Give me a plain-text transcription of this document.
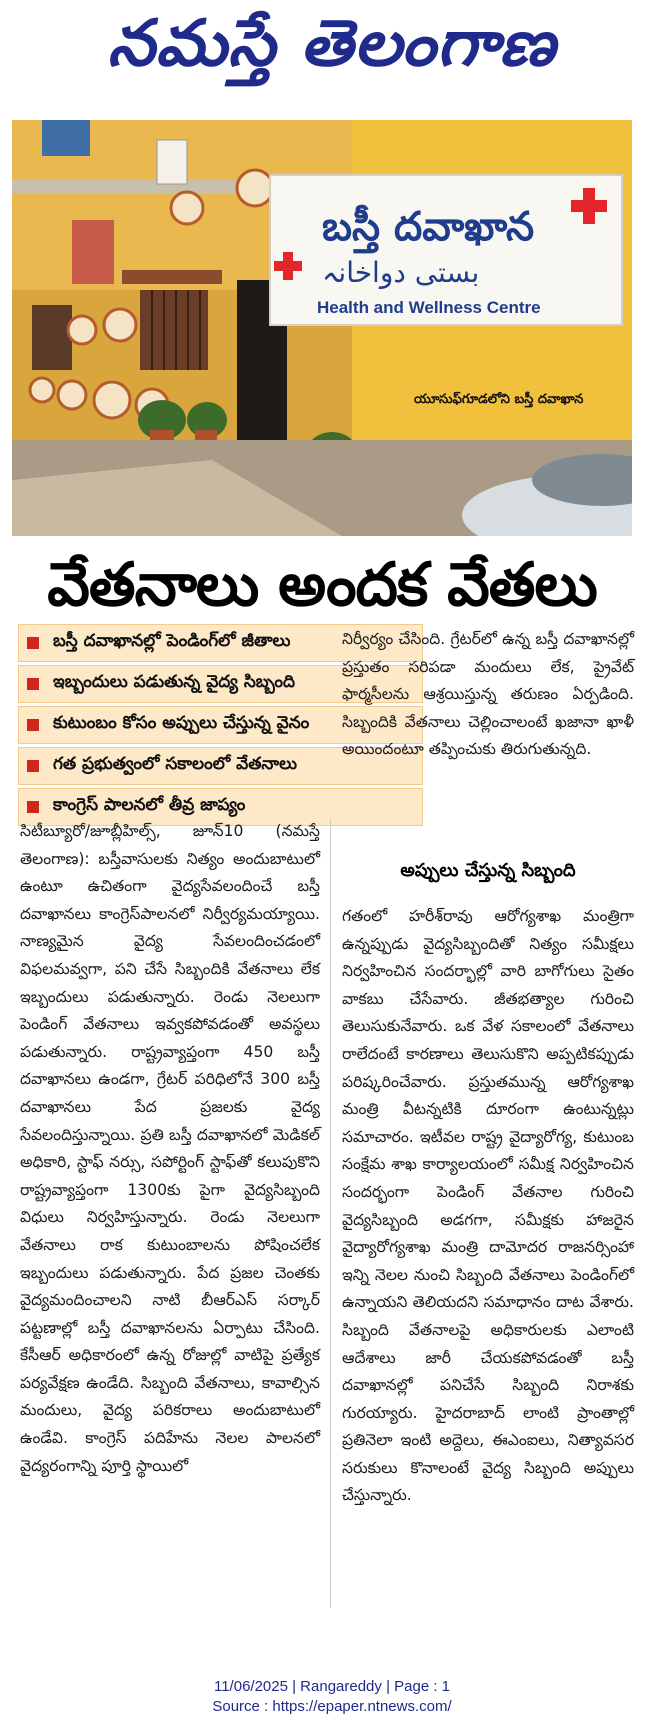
నమస్తే తెలంగాణ
బస్తీ దవాఖాన
بستی دواخانہ
Health and Wellness Centre
యూసుఫ్‌గూడలోని బస్తీ దవాఖాన
వేతనాలు అందక వేతలు
బస్తీ దవాఖానల్లో పెండింగ్‌లో జీతాలు
ఇబ్బందులు పడుతున్న వైద్య సిబ్బంది
కుటుంబం కోసం అప్పులు చేస్తున్న వైనం
గత ప్రభుత్వంలో సకాలంలో వేతనాలు
కాంగ్రెస్ పాలనలో తీవ్ర జాప్యం

నిర్వీర్యం చేసింది. గ్రేటర్‌లో ఉన్న బస్తీ దవాఖానల్లో ప్రస్తుతం సరిపడా మందులు లేక, ప్రైవేట్ ఫార్మసీలను ఆశ్రయిస్తున్న తరుణం ఏర్పడింది. సిబ్బందికి వేతనాలు చెల్లించాలంటే ఖజానా ఖాళీ అయిందంటూ తప్పించుకు తిరుగుతున్నది.

అప్పులు చేస్తున్న సిబ్బంది

సిటీబ్యూరో/జూబ్లీహిల్స్, జూన్10 (నమస్తే తెలంగాణ): బస్తీవాసులకు నిత్యం అందుబాటులో ఉంటూ ఉచితంగా వైద్యసేవలందించే బస్తీ దవాఖానలు కాంగ్రెస్‌పాలనలో నిర్వీర్యమయ్యాయి. నాణ్యమైన వైద్య సేవలందించడంలో విఫలమవ్వగా, పని చేసే సిబ్బందికి వేతనాలు లేక ఇబ్బందులు పడుతున్నారు. రెండు నెలలుగా పెండింగ్ వేతనాలు ఇవ్వకపోవడంతో అవస్థలు పడుతున్నారు. రాష్ట్రవ్యాప్తంగా 450 బస్తీ దవాఖానలు ఉండగా, గ్రేటర్ పరిధిలోనే 300 బస్తీ దవాఖానలు పేద ప్రజలకు వైద్య సేవలందిస్తున్నాయి. ప్రతి బస్తీ దవాఖానలో మెడికల్ అధికారి, స్టాఫ్ నర్సు, సపోర్టింగ్ స్టాఫ్‌తో కలుపుకొని రాష్ట్రవ్యాప్తంగా 1300కు పైగా వైద్యసిబ్బంది విధులు నిర్వహిస్తున్నారు. రెండు నెలలుగా వేతనాలు రాక కుటుంబాలను పోషించలేక ఇబ్బందులు పడుతున్నారు. పేద ప్రజల చెంతకు వైద్యమందించాలని నాటి బీఆర్ఎస్ సర్కార్ పట్టణాల్లో బస్తీ దవాఖానలను ఏర్పాటు చేసింది. కేసీఆర్ అధికారంలో ఉన్న రోజుల్లో వాటిపై ప్రత్యేక పర్యవేక్షణ ఉండేది. సిబ్బంది వేతనాలు, కావాల్సిన మందులు, వైద్య పరికరాలు అందుబాటులో ఉండేవి. కాంగ్రెస్ పదిహేను నెలల పాలనలో వైద్యరంగాన్ని పూర్తి స్థాయిలో

గతంలో హరీశ్‌రావు ఆరోగ్యశాఖ మంత్రిగా ఉన్నప్పుడు వైద్యసిబ్బందితో నిత్యం సమీక్షలు నిర్వహించిన సందర్భాల్లో వారి బాగోగులు సైతం వాకబు చేసేవారు. జీతభత్యాల గురించి తెలుసుకునేవారు. ఒక వేళ సకాలంలో వేతనాలు రాలేదంటే కారణాలు తెలుసుకొని అప్పటికప్పుడు పరిష్కరించేవారు. ప్రస్తుతమున్న ఆరోగ్యశాఖ మంత్రి వీటన్నటికి దూరంగా ఉంటున్నట్లు సమాచారం. ఇటీవల రాష్ట్ర వైద్యారోగ్య, కుటుంబ సంక్షేమ శాఖ కార్యాలయంలో సమీక్ష నిర్వహించిన సందర్భంగా పెండింగ్ వేతనాల గురించి వైద్యసిబ్బంది అడగగా, సమీక్షకు హాజరైన వైద్యారోగ్యశాఖ మంత్రి దామోదర రాజనర్సింహా ఇన్ని నెలల నుంచి సిబ్బంది వేతనాలు పెండింగ్‌లో ఉన్నాయని తెలియదని సమాధానం దాట వేశారు. సిబ్బంది వేతనాలపై అధికారులకు ఎలాంటి ఆదేశాలు జారీ చేయకపోవడంతో బస్తీ దవాఖానల్లో పనిచేసే సిబ్బంది నిరాశకు గురయ్యారు. హైదరాబాద్ లాంటి ప్రాంతాల్లో ప్రతినెలా ఇంటి అద్దెలు, ఈఎంఐలు, నిత్యావసర సరుకులు కొనాలంటే వైద్య సిబ్బంది అప్పులు చేస్తున్నారు.

11/06/2025 | Rangareddy | Page : 1
Source : https://epaper.ntnews.com/
